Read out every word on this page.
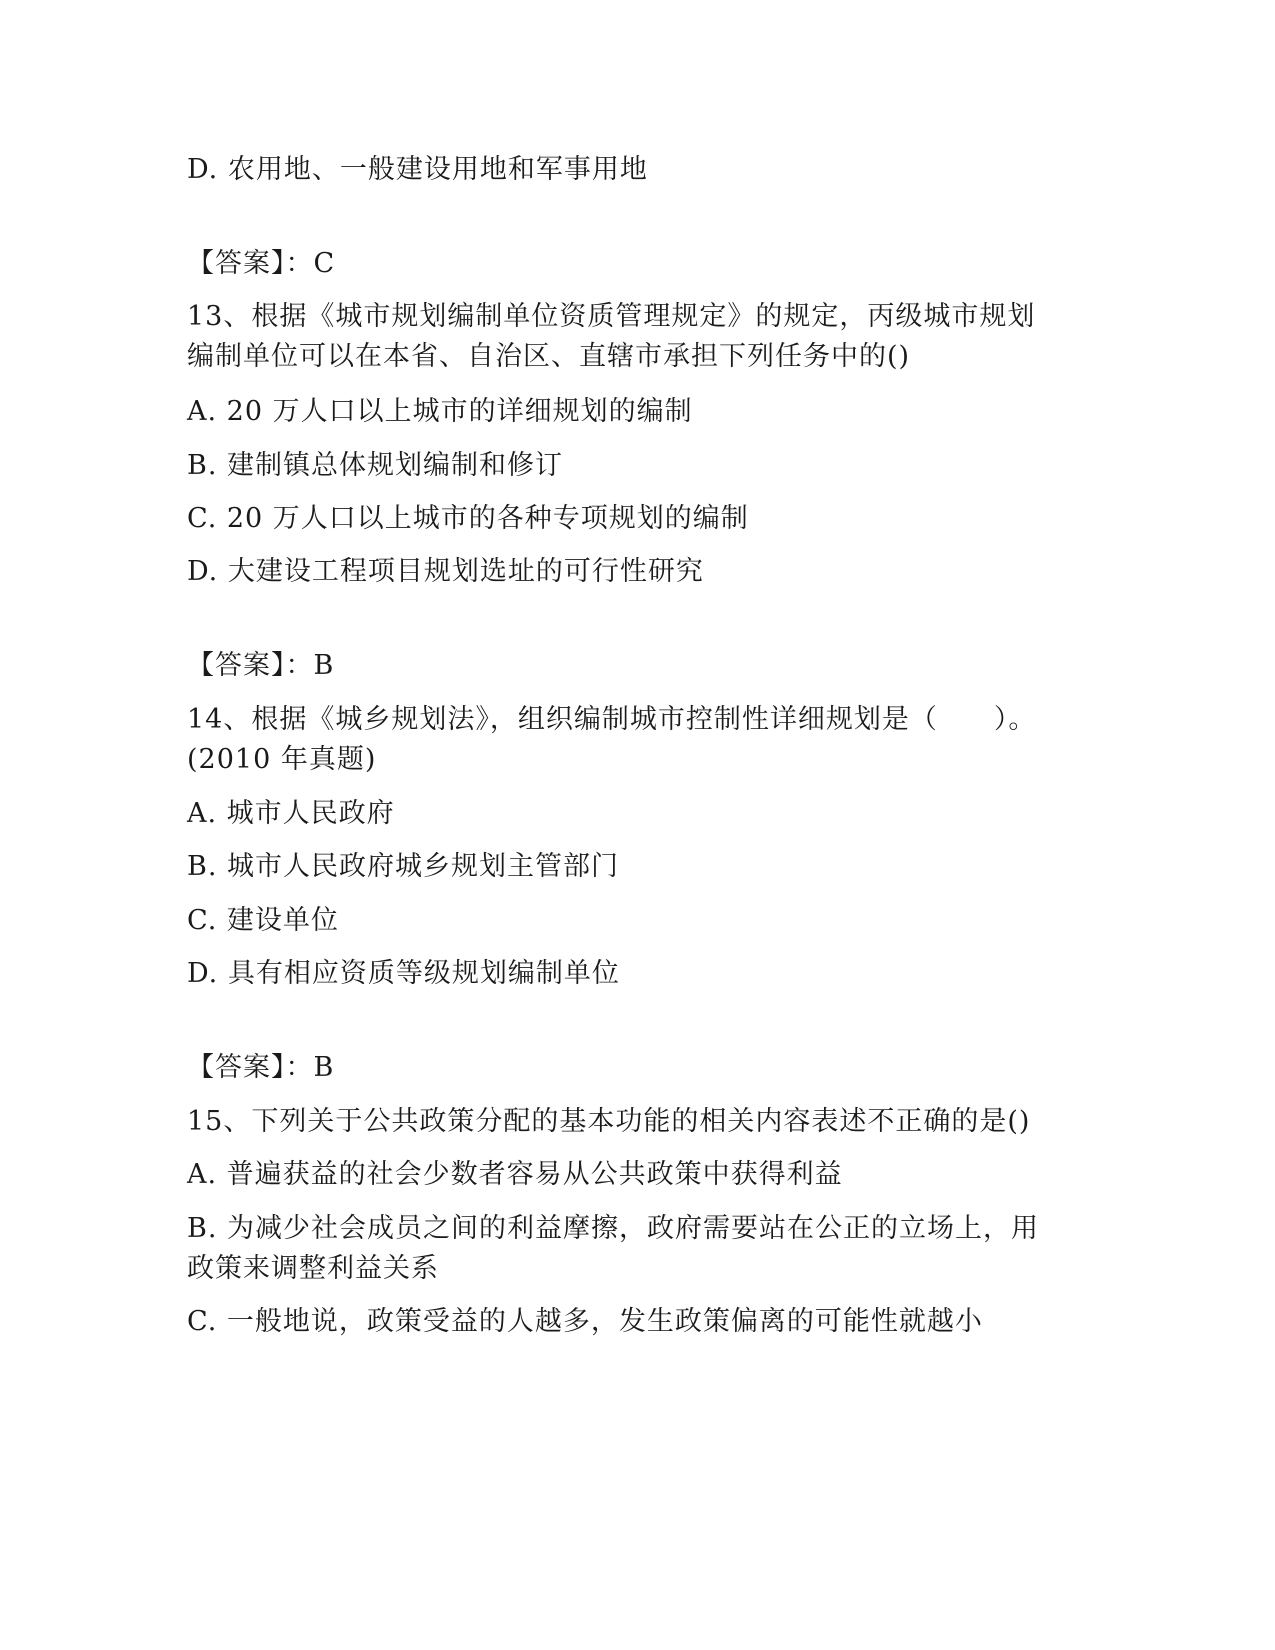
D. 农用地、一般建设用地和军事用地
【答案】：C
13、根据《城市规划编制单位资质管理规定》的规定，丙级城市规划
编制单位可以在本省、自治区、直辖市承担下列任务中的()
A. 20 万人口以上城市的详细规划的编制
B. 建制镇总体规划编制和修订
C. 20 万人口以上城市的各种专项规划的编制
D. 大建设工程项目规划选址的可行性研究
【答案】：B
14、根据《城乡规划法》，组织编制城市控制性详细规划是（　　）。
(2010 年真题)
A. 城市人民政府
B. 城市人民政府城乡规划主管部门
C. 建设单位
D. 具有相应资质等级规划编制单位
【答案】：B
15、下列关于公共政策分配的基本功能的相关内容表述不正确的是()
A. 普遍获益的社会少数者容易从公共政策中获得利益
B. 为减少社会成员之间的利益摩擦，政府需要站在公正的立场上，用
政策来调整利益关系
C. 一般地说，政策受益的人越多，发生政策偏离的可能性就越小
